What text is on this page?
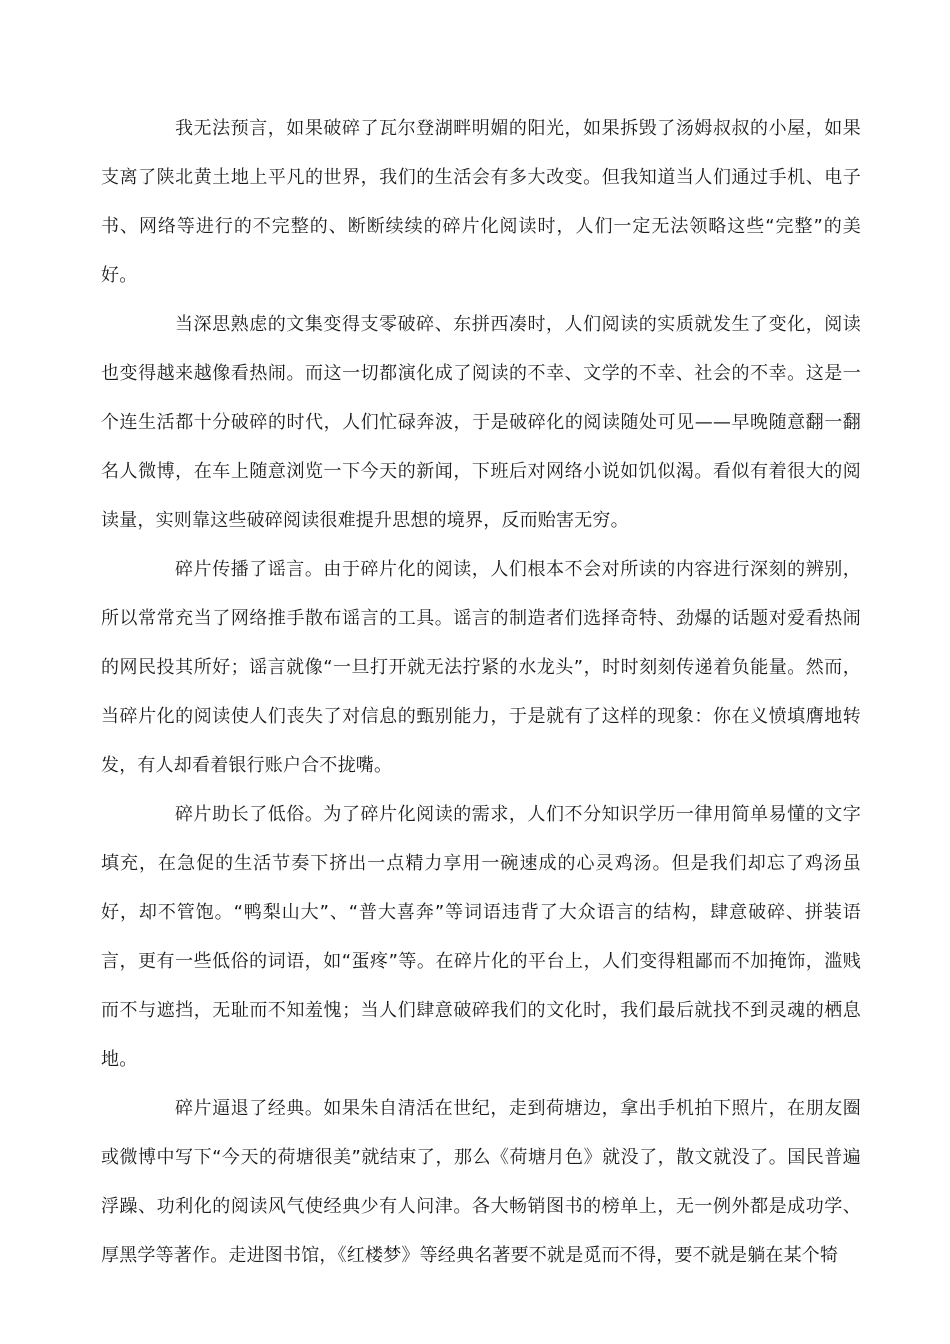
我无法预言，如果破碎了瓦尔登湖畔明媚的阳光，如果拆毁了汤姆叔叔的小屋，如果支离了陕北黄土地上平凡的世界，我们的生活会有多大改变。但我知道当人们通过手机、电子书、网络等进行的不完整的、断断续续的碎片化阅读时，人们一定无法领略这些“完整”的美好。

当深思熟虑的文集变得支零破碎、东拼西凑时，人们阅读的实质就发生了变化，阅读也变得越来越像看热闹。而这一切都演化成了阅读的不幸、文学的不幸、社会的不幸。这是一个连生活都十分破碎的时代，人们忙碌奔波，于是破碎化的阅读随处可见——早晚随意翻一翻名人微博，在车上随意浏览一下今天的新闻，下班后对网络小说如饥似渴。看似有着很大的阅读量，实则靠这些破碎阅读很难提升思想的境界，反而贻害无穷。

碎片传播了谣言。由于碎片化的阅读，人们根本不会对所读的内容进行深刻的辨别，所以常常充当了网络推手散布谣言的工具。谣言的制造者们选择奇特、劲爆的话题对爱看热闹的网民投其所好；谣言就像“一旦打开就无法拧紧的水龙头”，时时刻刻传递着负能量。然而，当碎片化的阅读使人们丧失了对信息的甄别能力，于是就有了这样的现象：你在义愤填膺地转发，有人却看着银行账户合不拢嘴。

碎片助长了低俗。为了碎片化阅读的需求，人们不分知识学历一律用简单易懂的文字填充，在急促的生活节奏下挤出一点精力享用一碗速成的心灵鸡汤。但是我们却忘了鸡汤虽好，却不管饱。“鸭梨山大”、“普大喜奔”等词语违背了大众语言的结构，肆意破碎、拼装语言，更有一些低俗的词语，如“蛋疼”等。在碎片化的平台上，人们变得粗鄙而不加掩饰，滥贱而不与遮挡，无耻而不知羞愧；当人们肆意破碎我们的文化时，我们最后就找不到灵魂的栖息地。

碎片逼退了经典。如果朱自清活在世纪，走到荷塘边，拿出手机拍下照片，在朋友圈或微博中写下“今天的荷塘很美”就结束了，那么《荷塘月色》就没了，散文就没了。国民普遍浮躁、功利化的阅读风气使经典少有人问津。各大畅销图书的榜单上，无一例外都是成功学、厚黑学等著作。走进图书馆，《红楼梦》等经典名著要不就是觅而不得，要不就是躺在某个犄
